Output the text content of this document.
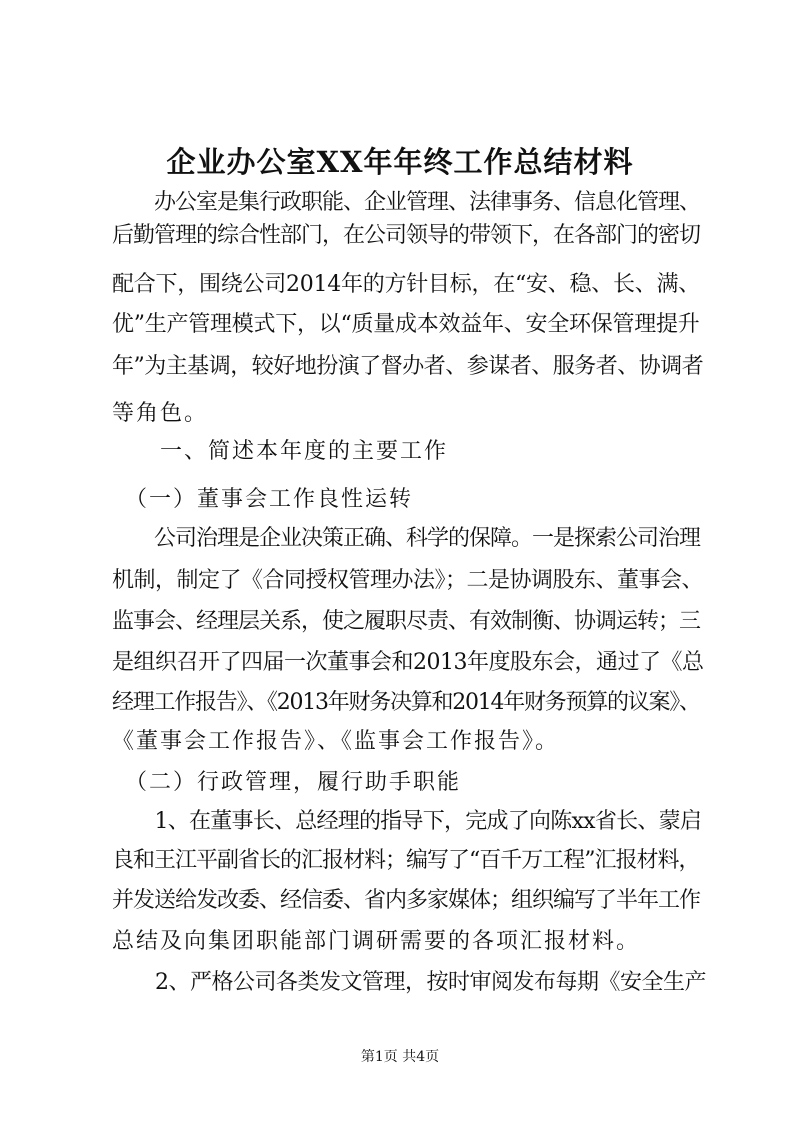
企业办公室XX年年终工作总结材料
　　办公室是集行政职能、企业管理、法律事务、信息化管理、
后勤管理的综合性部门，在公司领导的带领下，在各部门的密切
配合下，围绕公司2014年的方针目标，在“安、稳、长、满、
优”生产管理模式下，以“质量成本效益年、安全环保管理提升
年”为主基调，较好地扮演了督办者、参谋者、服务者、协调者
等角色。
　　一、简述本年度的主要工作
　（一）董事会工作良性运转
　　公司治理是企业决策正确、科学的保障。一是探索公司治理
机制，制定了《合同授权管理办法》；二是协调股东、董事会、
监事会、经理层关系，使之履职尽责、有效制衡、协调运转；三
是组织召开了四届一次董事会和2013年度股东会，通过了《总
经理工作报告》、《2013年财务决算和2014年财务预算的议案》、
《董事会工作报告》、《监事会工作报告》。
　（二）行政管理，履行助手职能
　　1、在董事长、总经理的指导下，完成了向陈xx省长、蒙启
良和王江平副省长的汇报材料；编写了“百千万工程”汇报材料，
并发送给发改委、经信委、省内多家媒体；组织编写了半年工作
总结及向集团职能部门调研需要的各项汇报材料。
　　2、严格公司各类发文管理，按时审阅发布每期《安全生产
第1页 共4页
